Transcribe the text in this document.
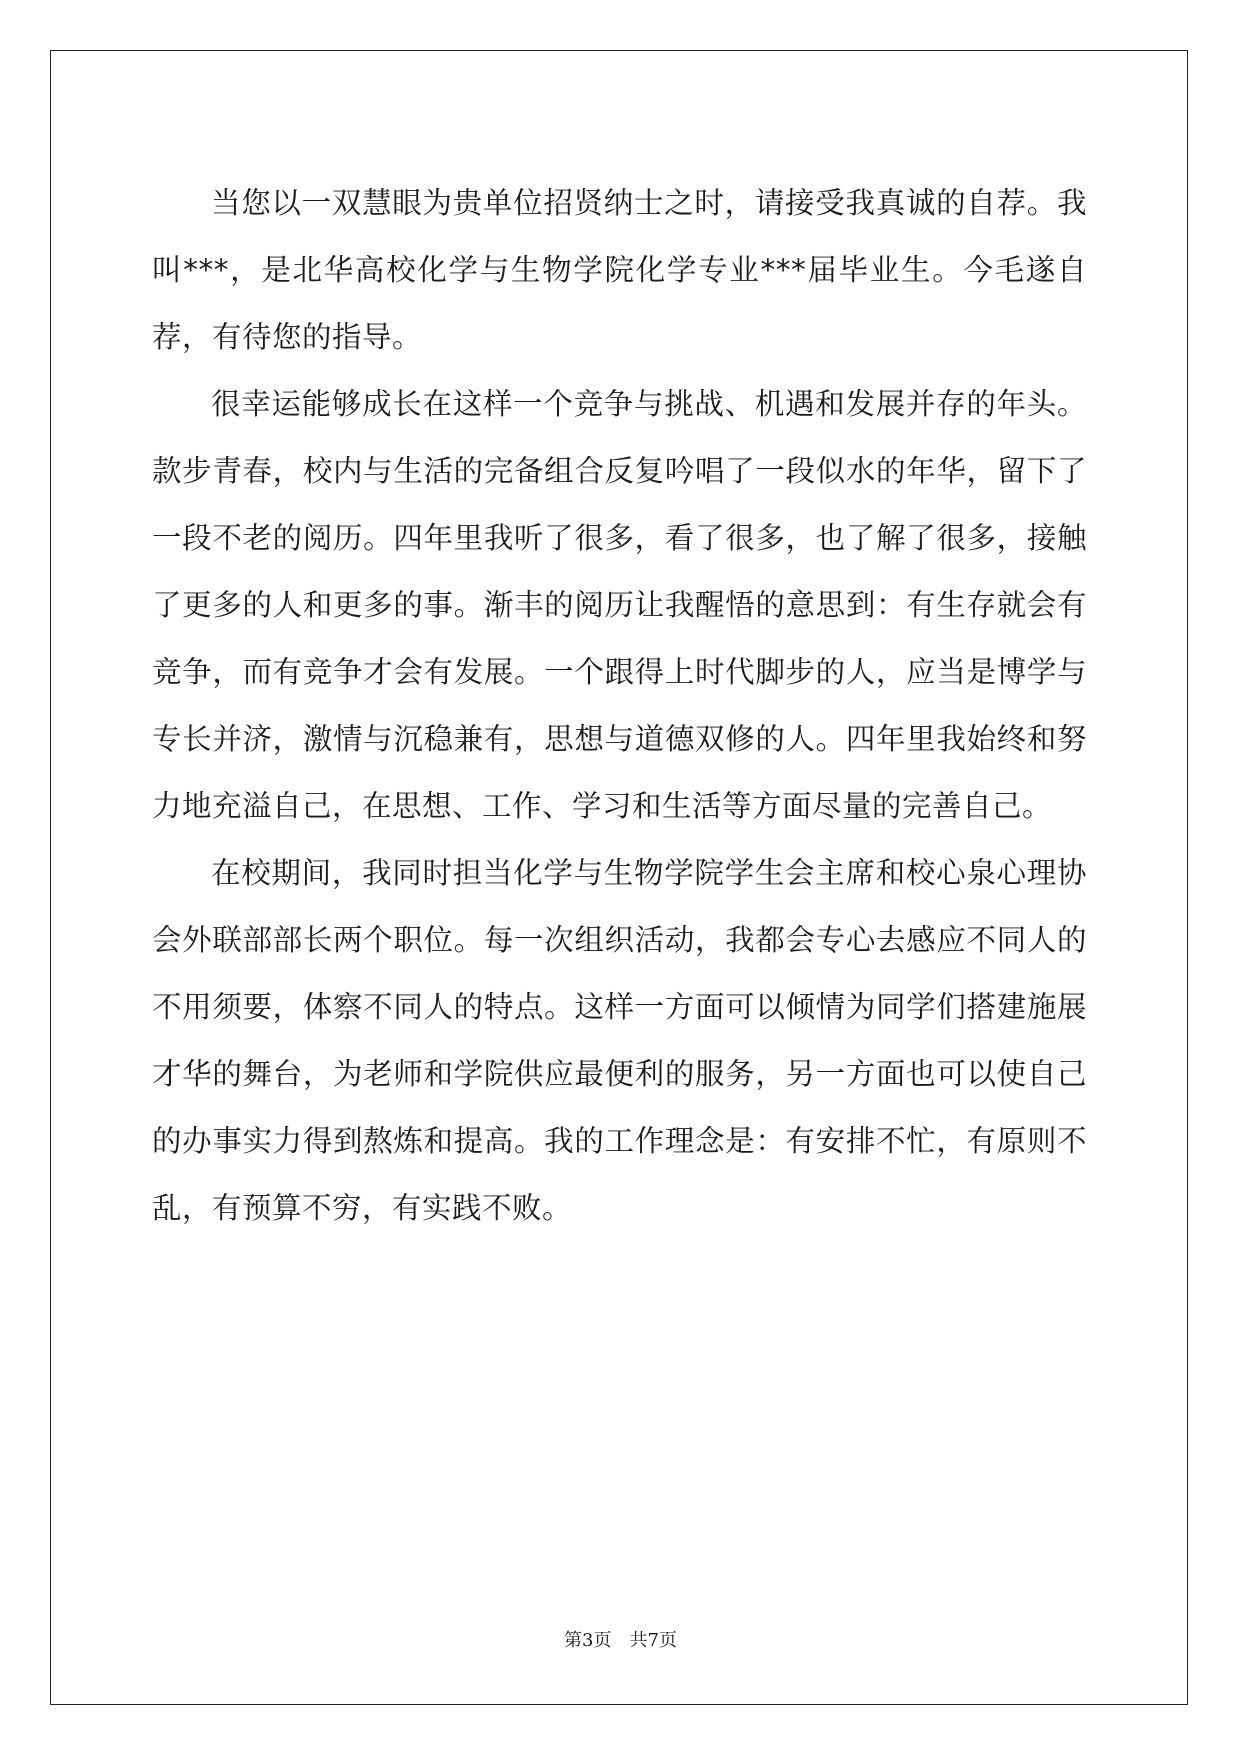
当您以一双慧眼为贵单位招贤纳士之时，请接受我真诚的自荐。我叫***，是北华高校化学与生物学院化学专业***届毕业生。今毛遂自荐，有待您的指导。

很幸运能够成长在这样一个竞争与挑战、机遇和发展并存的年头。款步青春，校内与生活的完备组合反复吟唱了一段似水的年华，留下了一段不老的阅历。四年里我听了很多，看了很多，也了解了很多，接触了更多的人和更多的事。渐丰的阅历让我醒悟的意思到：有生存就会有竞争，而有竞争才会有发展。一个跟得上时代脚步的人，应当是博学与专长并济，激情与沉稳兼有，思想与道德双修的人。四年里我始终和努力地充溢自己，在思想、工作、学习和生活等方面尽量的完善自己。

在校期间，我同时担当化学与生物学院学生会主席和校心泉心理协会外联部部长两个职位。每一次组织活动，我都会专心去感应不同人的不用须要，体察不同人的特点。这样一方面可以倾情为同学们搭建施展才华的舞台，为老师和学院供应最便利的服务，另一方面也可以使自己的办事实力得到熬炼和提高。我的工作理念是：有安排不忙，有原则不乱，有预算不穷，有实践不败。

第3页 共7页
